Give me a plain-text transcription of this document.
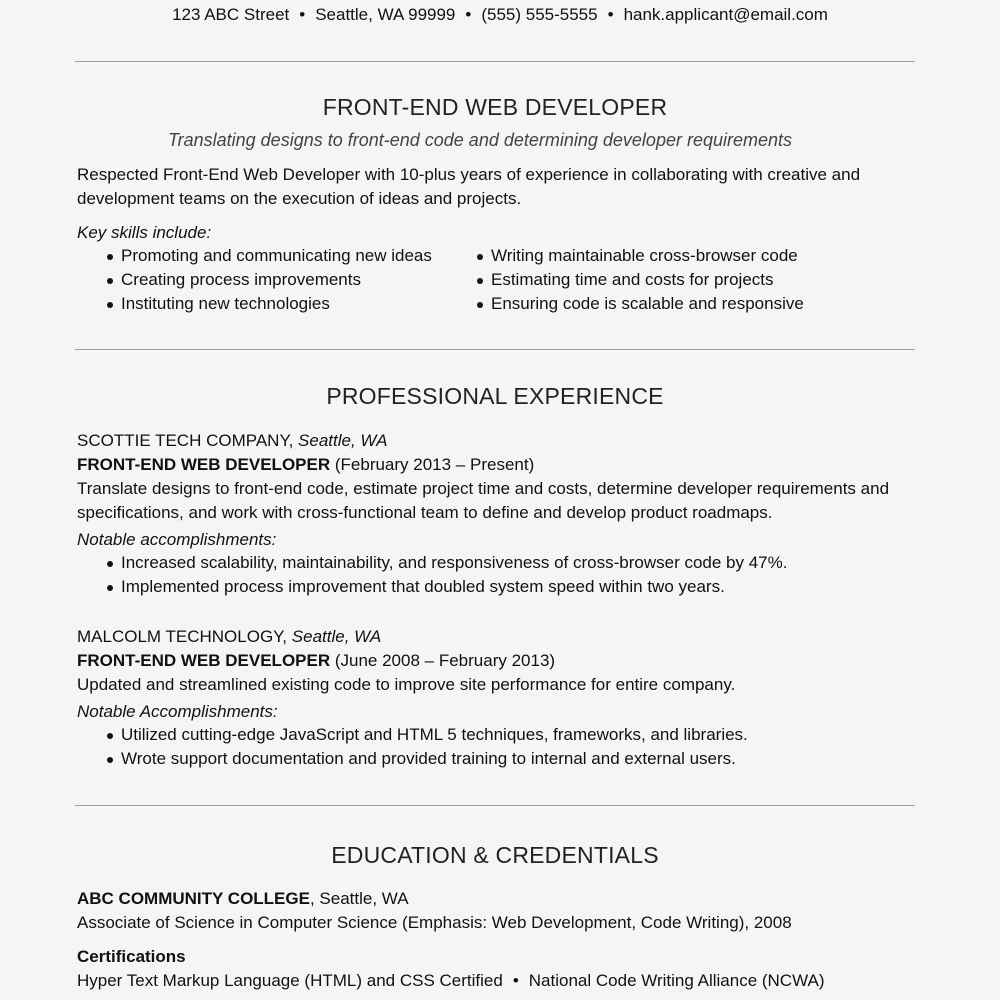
123 ABC Street • Seattle, WA 99999 • (555) 555-5555 • hank.applicant@email.com
FRONT-END WEB DEVELOPER
Translating designs to front-end code and determining developer requirements
Respected Front-End Web Developer with 10-plus years of experience in collaborating with creative and development teams on the execution of ideas and projects.
Key skills include:
Promoting and communicating new ideas
Creating process improvements
Instituting new technologies
Writing maintainable cross-browser code
Estimating time and costs for projects
Ensuring code is scalable and responsive
PROFESSIONAL EXPERIENCE
SCOTTIE TECH COMPANY, Seattle, WA
FRONT-END WEB DEVELOPER (February 2013 – Present)
Translate designs to front-end code, estimate project time and costs, determine developer requirements and specifications, and work with cross-functional team to define and develop product roadmaps.
Notable accomplishments:
Increased scalability, maintainability, and responsiveness of cross-browser code by 47%.
Implemented process improvement that doubled system speed within two years.
MALCOLM TECHNOLOGY, Seattle, WA
FRONT-END WEB DEVELOPER (June 2008 – February 2013)
Updated and streamlined existing code to improve site performance for entire company.
Notable Accomplishments:
Utilized cutting-edge JavaScript and HTML 5 techniques, frameworks, and libraries.
Wrote support documentation and provided training to internal and external users.
EDUCATION & CREDENTIALS
ABC COMMUNITY COLLEGE, Seattle, WA
Associate of Science in Computer Science (Emphasis: Web Development, Code Writing), 2008
Certifications
Hyper Text Markup Language (HTML) and CSS Certified • National Code Writing Alliance (NCWA)
